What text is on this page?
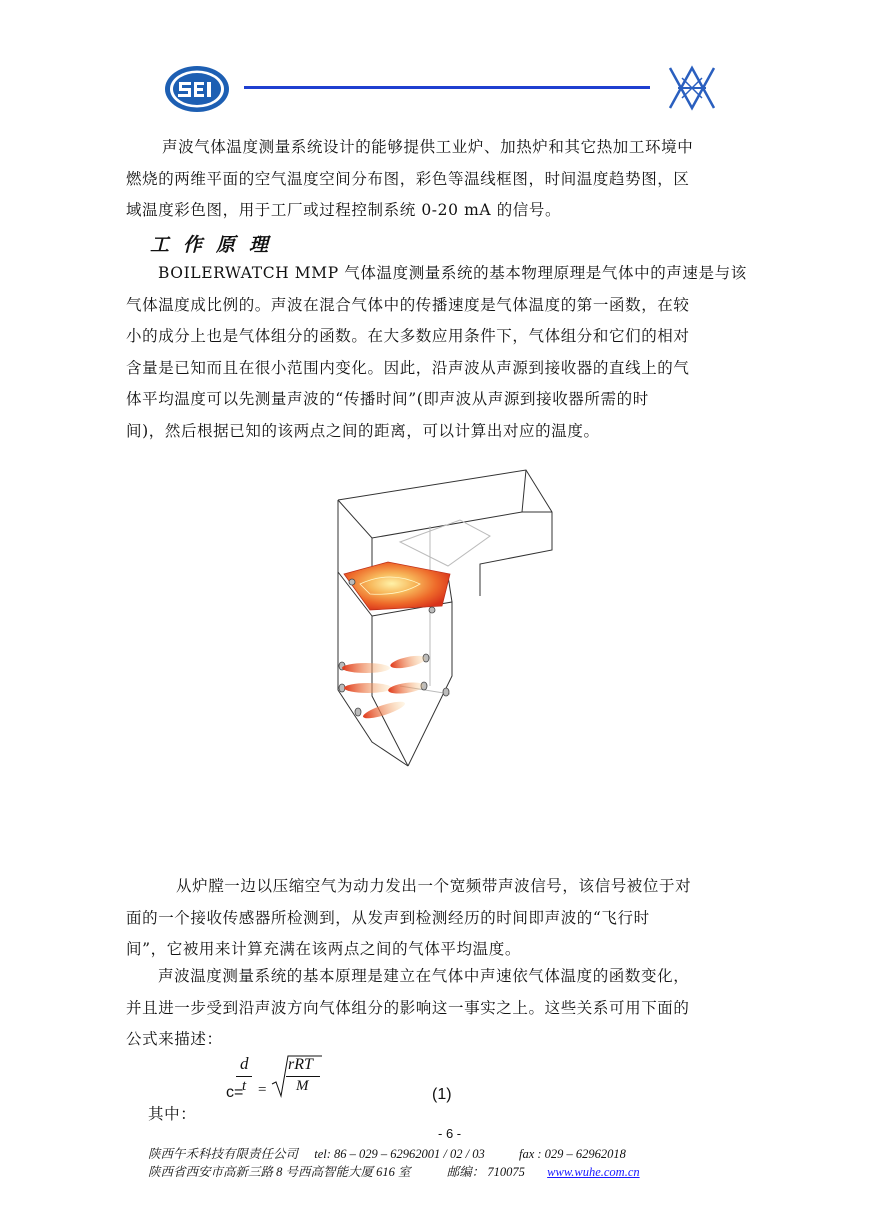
声波气体温度测量系统设计的能够提供工业炉、加热炉和其它热加工环境中
燃烧的两维平面的空气温度空间分布图，彩色等温线框图，时间温度趋势图，区
域温度彩色图，用于工厂或过程控制系统 0-20 mA 的信号。
工作原理
BOILERWATCH MMP 气体温度测量系统的基本物理原理是气体中的声速是与该
气体温度成比例的。声波在混合气体中的传播速度是气体温度的第一函数，在较
小的成分上也是气体组分的函数。在大多数应用条件下，气体组分和它们的相对
含量是已知而且在很小范围内变化。因此，沿声波从声源到接收器的直线上的气
体平均温度可以先测量声波的“传播时间”(即声波从声源到接收器所需的时
间)，然后根据已知的该两点之间的距离，可以计算出对应的温度。
从炉膛一边以压缩空气为动力发出一个宽频带声波信号，该信号被位于对
面的一个接收传感器所检测到，从发声到检测经历的时间即声波的“飞行时
间”，它被用来计算充满在该两点之间的气体平均温度。
声波温度测量系统的基本原理是建立在气体中声速依气体温度的函数变化，
并且进一步受到沿声波方向气体组分的影响这一事实之上。这些关系可用下面的
公式来描述：
c=
d
t =
rRT
M	(1)
其中：
- 6 -
陕西午禾科技有限责任公司 tel: 86 – 029 – 62962001 / 02 / 03	fax : 029 – 62962018
陕西省西安市高新三路 8 号西高智能大厦 616 室	邮编： 710075 www.wuhe.com.cn
